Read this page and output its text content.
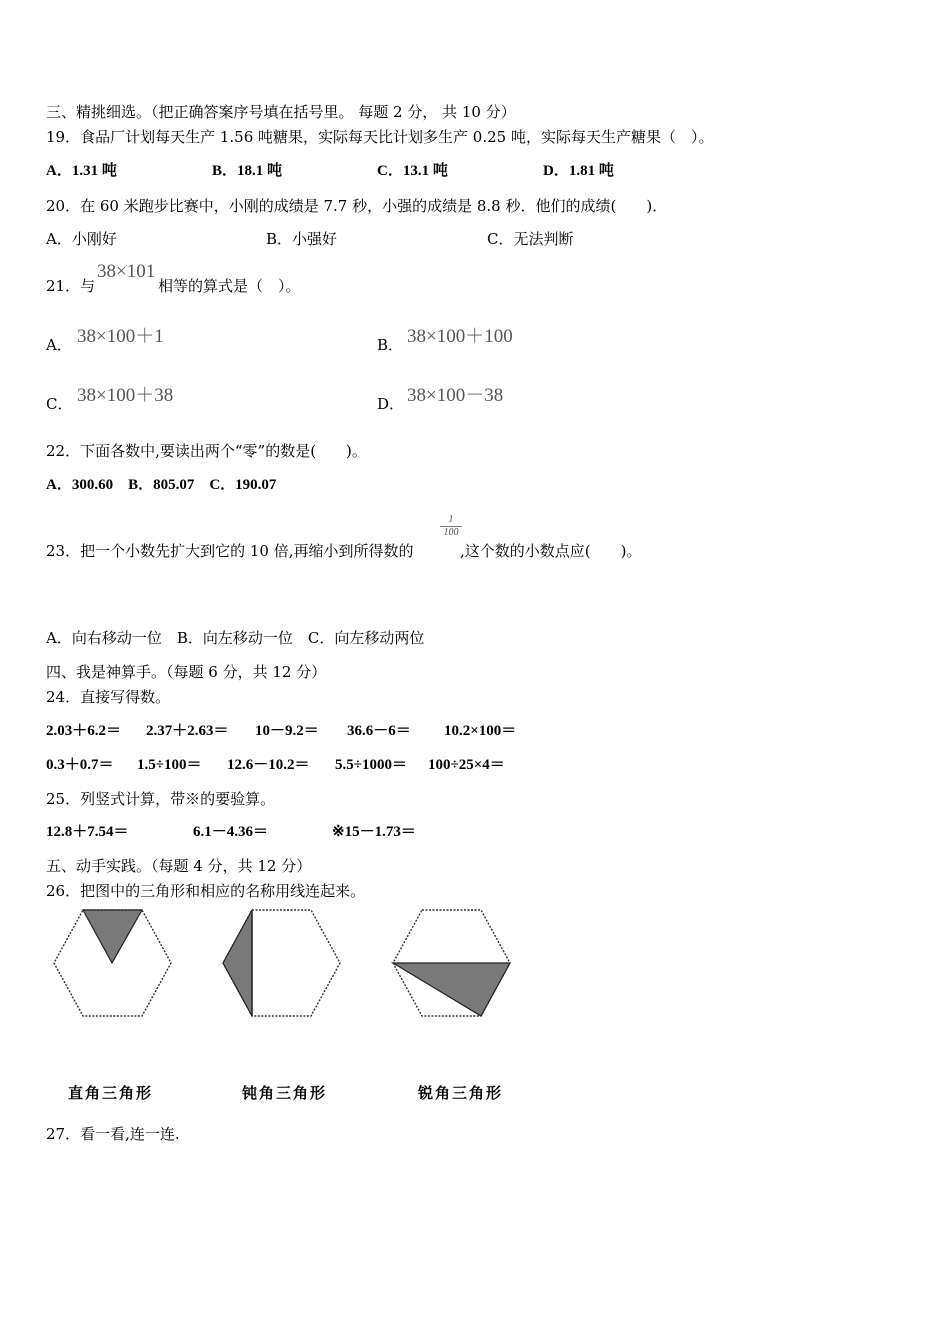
三、精挑细选。（把正确答案序号填在括号里。 每题 2 分， 共 10 分）
19．食品厂计划每天生产 1.56 吨糖果，实际每天比计划多生产 0.25 吨，实际每天生产糖果（　）。
A．1.31 吨	B．18.1 吨	C．13.1 吨	D．1.81 吨
20．在 60 米跑步比赛中，小刚的成绩是 7.7 秒，小强的成绩是 8.8 秒．他们的成绩(　　)．
A．小刚好	B．小强好	C．无法判断
21．与
38×101
相等的算式是（　）。
A． 38×100＋1	B． 38×100＋100
C． 38×100＋38	D． 38×100－38
22．下面各数中,要读出两个“零”的数是(　　)。
A．300.60　B．805.07　C．190.07
23．把一个小数先扩大到它的 10 倍,再缩小到所得数的
1
100
,这个数的小数点应(　　)。
A．向右移动一位　B．向左移动一位　C．向左移动两位
四、我是神算手。（每题 6 分，共 12 分）
24．直接写得数。
2.03＋6.2＝ 2.37＋2.63＝ 10－9.2＝ 36.6－6＝ 10.2×100＝
0.3＋0.7＝ 1.5÷100＝ 12.6－10.2＝ 5.5÷1000＝ 100÷25×4＝
25．列竖式计算，带※的要验算。
12.8＋7.54＝	6.1－4.36＝	※15－1.73＝
五、动手实践。（每题 4 分，共 12 分）
26．把图中的三角形和相应的名称用线连起来。
直角三角形	钝角三角形	锐角三角形
27．看一看,连一连.
